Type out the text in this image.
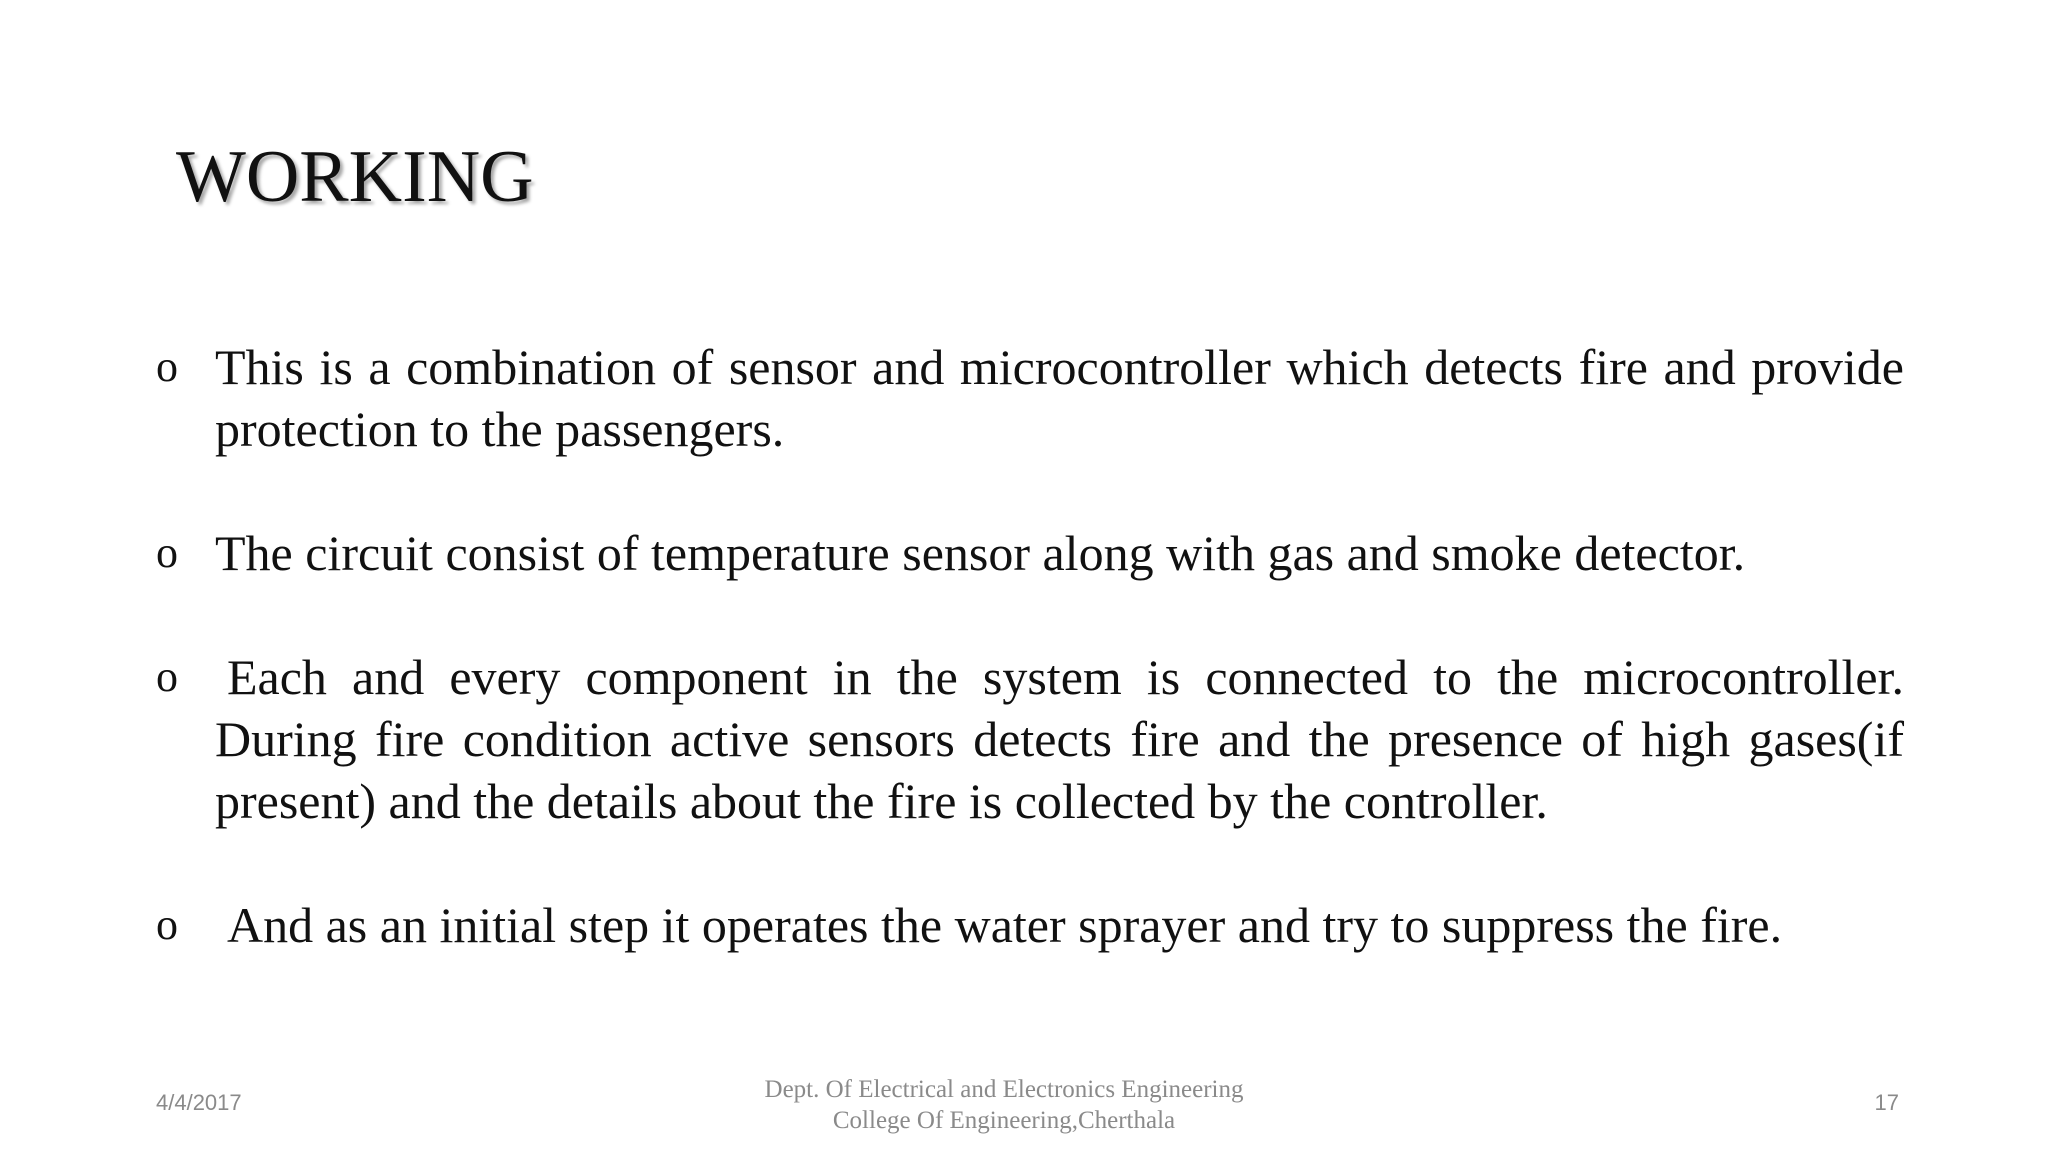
WORKING
o This is a combination of sensor and microcontroller which detects fire and provide protection to the passengers.
o The circuit consist of temperature sensor along with gas and smoke detector.
o Each and every component in the system is connected to the microcontroller. During fire condition active sensors detects fire and the presence of high gases(if present) and the details about the fire is collected by the controller.
o And as an initial step it operates the water sprayer and try to suppress the fire.
4/4/2017	Dept. Of Electrical and Electronics Engineering
College Of Engineering,Cherthala
17
